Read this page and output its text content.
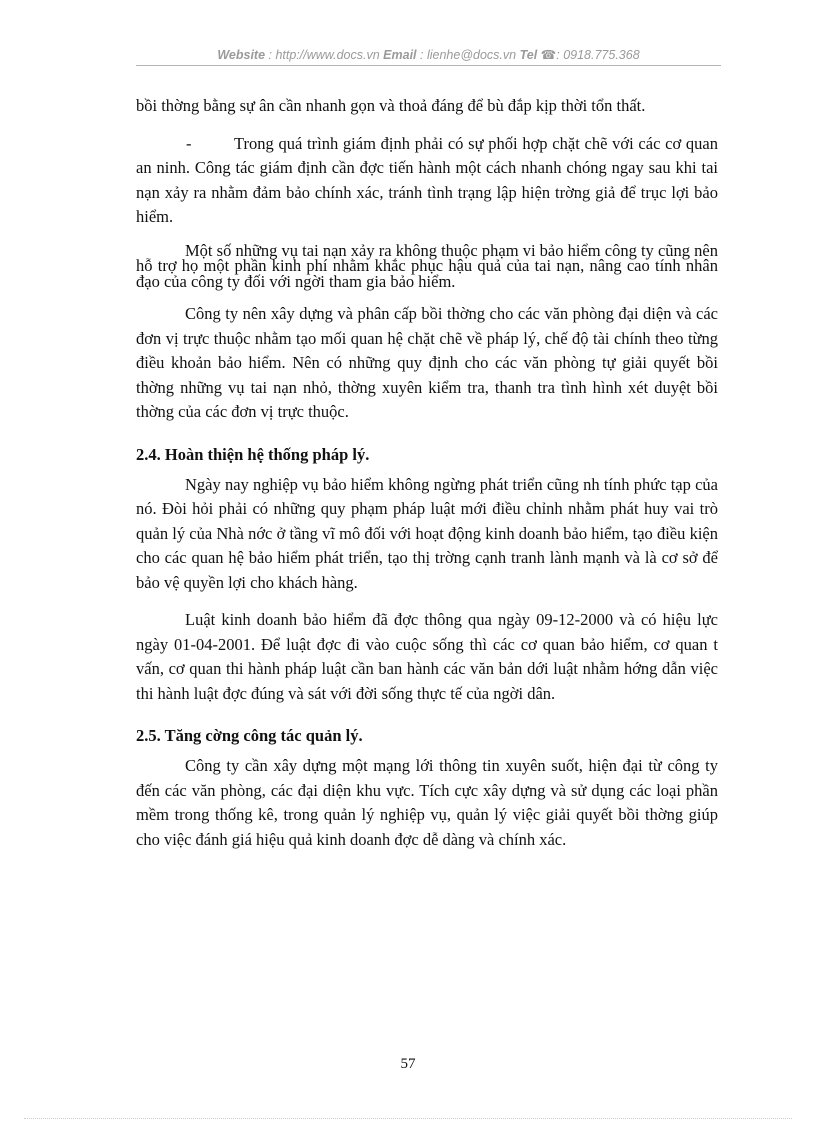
Website : http://www.docs.vn Email : lienhe@docs.vn Tel ☎: 0918.775.368

bồi thờng bằng sự ân cần nhanh gọn và thoả đáng để bù đắp kịp thời tổn thất.

-	Trong quá trình giám định phải có sự phối hợp chặt chẽ với các cơ quan an ninh. Công tác giám định cần đợc tiến hành một cách nhanh chóng ngay sau khi tai nạn xảy ra nhằm đảm bảo chính xác, tránh tình trạng lập hiện trờng giả để trục lợi bảo hiểm.

Một số những vụ tai nạn xảy ra không thuộc phạm vi bảo hiểm công ty cũng nên hỗ trợ họ một phần kinh phí nhằm khắc phục hậu quả của tai nạn, nâng cao tính nhân đạo của công ty đối với ngời tham gia bảo hiểm.

Công ty nên xây dựng và phân cấp bồi thờng cho các văn phòng đại diện và các đơn vị trực thuộc nhằm tạo mối quan hệ chặt chẽ về pháp lý, chế độ tài chính theo từng điều khoản bảo hiểm. Nên có những quy định cho các văn phòng tự giải quyết bồi thờng những vụ tai nạn nhỏ, thờng xuyên kiểm tra, thanh tra tình hình xét duyệt bồi thờng của các đơn vị trực thuộc.

2.4. Hoàn thiện hệ thống pháp lý.

Ngày nay nghiệp vụ bảo hiểm không ngừng phát triển cũng nh tính phức tạp của nó. Đòi hỏi phải có những quy phạm pháp luật mới điều chỉnh nhằm phát huy vai trò quản lý của Nhà nớc ở tầng vĩ mô đối với hoạt động kinh doanh bảo hiểm, tạo điều kiện cho các quan hệ bảo hiểm phát triển, tạo thị trờng cạnh tranh lành mạnh và là cơ sở để bảo vệ quyền lợi cho khách hàng.

Luật kinh doanh bảo hiểm đã đợc thông qua ngày 09-12-2000 và có hiệu lực ngày 01-04-2001. Để luật đợc đi vào cuộc sống thì các cơ quan bảo hiểm, cơ quan t vấn, cơ quan thi hành pháp luật cần ban hành các văn bản dới luật nhằm hớng dẫn việc thi hành luật đợc đúng và sát với đời sống thực tế của ngời dân.

2.5. Tăng cờng công tác quản lý.

Công ty cần xây dựng một mạng lới thông tin xuyên suốt, hiện đại từ công ty đến các văn phòng, các đại diện khu vực. Tích cực xây dựng và sử dụng các loại phần mềm trong thống kê, trong quản lý nghiệp vụ, quản lý việc giải quyết bồi thờng giúp cho việc đánh giá hiệu quả kinh doanh đợc dễ dàng và chính xác.

57
